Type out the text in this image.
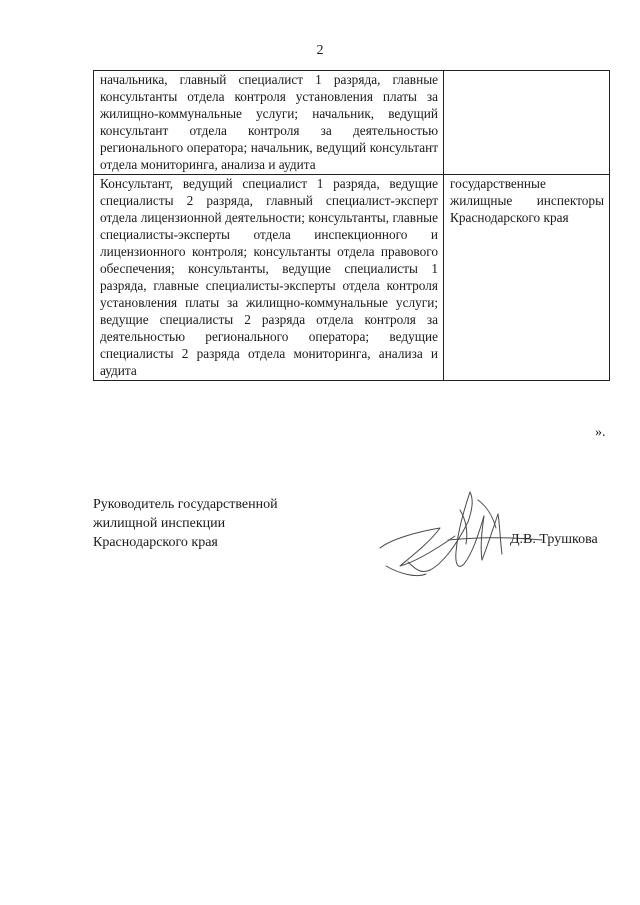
2
начальника, главный специалист 1 разряда, главные консультанты отдела контроля установления платы за жилищно-коммунальные услуги; начальник, ведущий консультант отдела контроля за деятельностью регионального оператора; начальник, ведущий консультант отдела мониторинга, анализа и аудита	

Консультант, ведущий специалист 1 разряда, ведущие специалисты 2 разряда, главный специалист-эксперт отдела лицензионной деятельности; консультанты, главные специалисты-эксперты отдела инспекционного и лицензионного контроля; консультанты отдела правового обеспечения; консультанты, ведущие специалисты 1 разряда, главные специалисты-эксперты отдела контроля установления платы за жилищно-коммунальные услуги; ведущие специалисты 2 разряда отдела контроля за деятельностью регионального оператора; ведущие специалисты 2 разряда отдела мониторинга, анализа и аудита	государственные жилищные инспекторы Краснодарского края
».
Руководитель государственной
жилищной инспекции
Краснодарского края	Д.В. Трушкова
